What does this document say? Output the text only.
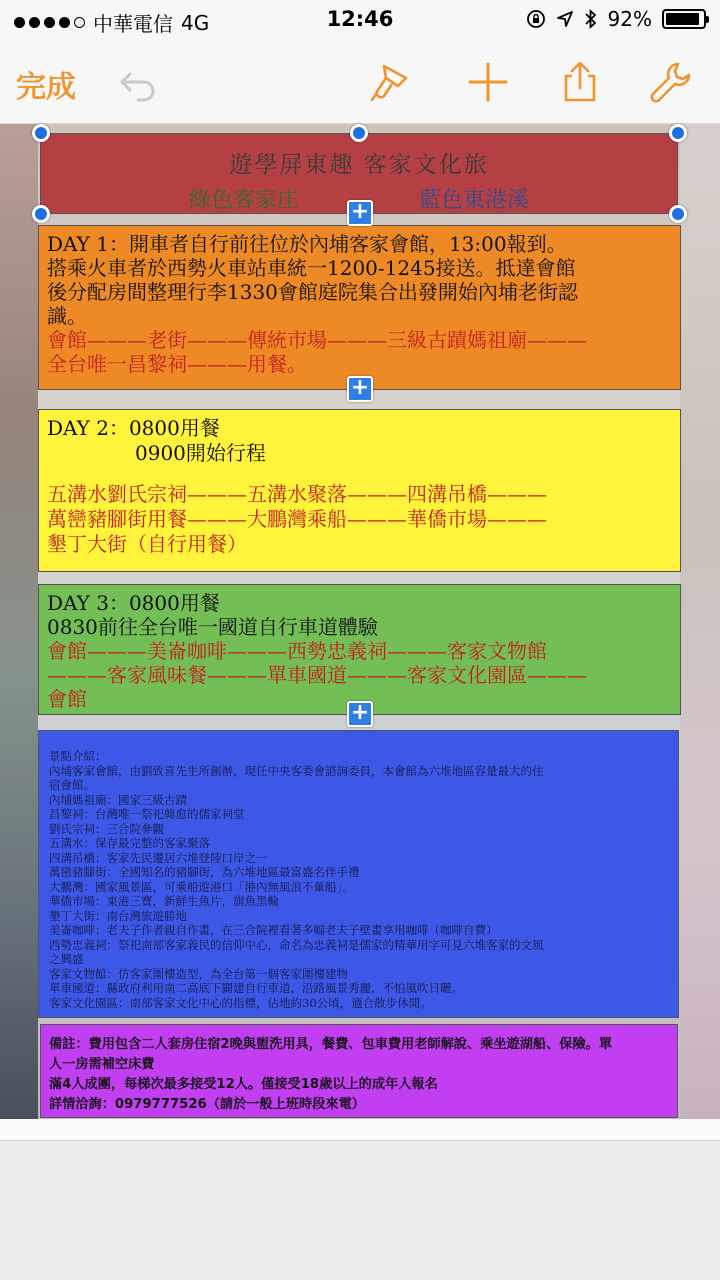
中華電信 4G	12:46	92%
完成
遊學屏東趣 客家文化旅
綠色客家庄	藍色東港溪
DAY 1：開車者自行前往位於內埔客家會館，13:00報到。
搭乘火車者於西勢火車站車統一1200-1245接送。抵達會館
後分配房間整理行李1330會館庭院集合出發開始內埔老街認
識。
會館———老街———傳統市場———三級古蹟媽祖廟———
全台唯一昌黎祠———用餐。
DAY 2：0800用餐
0900開始行程
五溝水劉氏宗祠———五溝水聚落———四溝吊橋———
萬巒豬腳街用餐———大鵬灣乘船———華僑市場———
墾丁大街（自行用餐）
DAY 3：0800用餐
0830前往全台唯一國道自行車道體驗
會館———美崙咖啡———西勢忠義祠———客家文物館
———客家風味餐———單車國道———客家文化園區———
會館
景點介紹：
內埔客家會館，由劉致喜先生所創辦，現任中央客委會諮詢委員，本會館為六堆地區容量最大的住
宿會館。
內埔媽祖廟：國家三級古蹟
昌黎祠：台灣唯一祭祀韓愈的儒家祠堂
劉氏宗祠：三合院參觀
五溝水：保存最完整的客家聚落
四溝吊橋：客家先民遷居六堆登陸口岸之一
萬巒豬腳街：全國知名的豬腳街，為六堆地區最富盛名伴手禮
大鵬灣：國家風景區，可乘船遊港口「港內無風浪不暈船」。
華僑市場：東港三寶，新鮮生魚片，旗魚黑輪
墾丁大街：南台灣旅遊勝地
美崙咖啡：老夫子作者親自作畫，在三合院裡看著多幅老夫子壁畫享用咖啡（咖啡自費）
西勢忠義祠：祭祀南部客家義民的信仰中心，命名為忠義祠是儒家的精華用字可見六堆客家的文風
之興盛
客家文物館：仿客家圍樓造型，為全台第一個客家圍樓建物
單車國道：縣政府利用南二高底下闢建自行車道，沿路風景秀麗，不怕風吹日曬。
客家文化園區：南部客家文化中心的指標，佔地約30公頃，適合散步休閒。
備註：費用包含二人套房住宿2晚與盥洗用具，餐費、包車費用老師解說、乘坐遊湖船、保險。單
人一房需補空床費
滿4人成團，每梯次最多接受12人。僅接受18歲以上的成年人報名
詳情洽詢：0979777526（請於一般上班時段來電）
+
+
+
